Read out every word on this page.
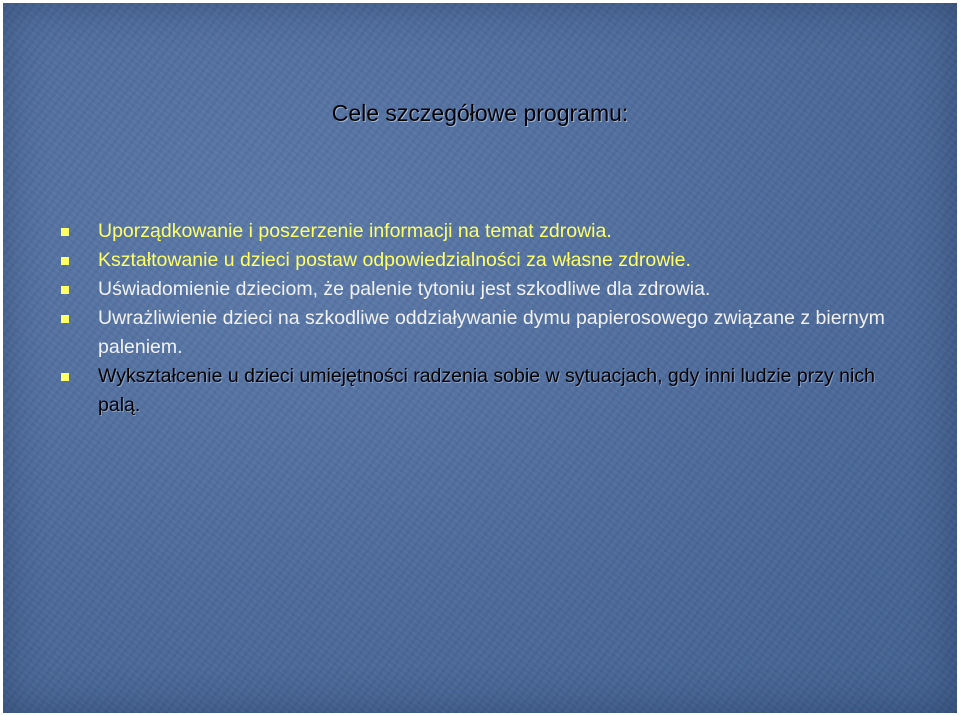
Cele szczegółowe programu:
Uporządkowanie i poszerzenie informacji na temat zdrowia.
Kształtowanie u dzieci postaw odpowiedzialności za własne zdrowie.
Uświadomienie dzieciom, że palenie tytoniu jest szkodliwe dla zdrowia.
Uwrażliwienie dzieci na szkodliwe oddziaływanie dymu papierosowego związane z biernym paleniem.
Wykształcenie u dzieci umiejętności radzenia sobie w sytuacjach, gdy inni ludzie przy nich palą.
